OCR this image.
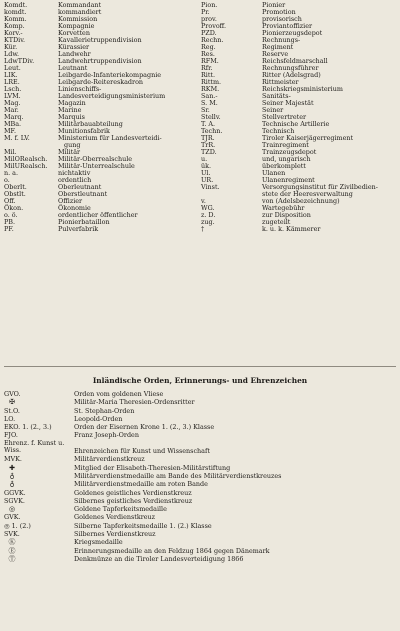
Komdt.	Kommandant
komdt.	kommandiert
Komm.	Kommission
Komp.	Kompagnie
Korv.-	Korvetten
KTDiv.	Kavallerietruppendivision
Kür.	Kürassier
Ldw.	Landwehr
LdwTDiv.	Landwehrtruppendivision
Leut.	Leutnant
LIK.	Leibgarde-Infanteriekompagnie
LRE.	Leibgarde-Reitereskadron
Lsch.	Linienschiffs-
LVM.	Landesverteidigungsministerium
Mag.	Magazin
Mar.	Marine
Marq.	Marquis
MBa.	Militärbauabteilung
MF.	Munitionsfabrik
M. f. LV.	Ministerium für Landesverteidi-
gung
Mil.	Militär
MilORealsch.	Militär-Oberrealschule
MilURealsch.	Militär-Unterrealschule
n. a.	nichtaktiv
o.	ordentlich
Oberlt.	Oberleutnant
Obstlt.	Oberstleutnant
Off.	Offizier
Ökon.	Ökonomie
o. ö.	ordentlicher öffentlicher
PB.	Pionierbataillon
PF.	Pulverfabrik
Pion.	Pionier
Pr.	Promotion
prov.	provisorisch
Provoff.	Proviantoffizier
PZD.	Pionierzeugsdepot
Rechn.	Rechnungs-
Reg.	Regiment
Res.	Reserve
RFM.	Reichsfeldmarschall
Rfr.	Rechnungsführer
Ritt.	Ritter (Adelsgrad)
Rittm.	Rittmeister
RKM.	Reichskriegsministerium
San.-	Sanitäts-
S. M.	Seiner Majestät
Sr.	Seiner
Stellv.	Stellvertreter
T. A.	Technische Artillerie
Techn.	Technisch
TJR.	Tiroler Kaiserjägerregiment
TrR.	Trainregiment
TZD.	Trainzeugsdepot
u.	und, ungarisch
ük.	überkomplett
Ul.	Ulanen
UR.	Ulanenregiment
Vinst.	Versorgungsinstitut für Zivilbedien-
stete der Heeresverwaltung
v.	von (Adelsbezeichnung)
WG.	Wartegebühr
z. D.	zur Disposition
zug.	zugeteilt
†	k. u. k. Kämmerer
Inländische Orden, Erinnerungs- und Ehrenzeichen
GVO.	Orden vom goldenen Vliese
✠	Militär-Maria Theresien-Ordensritter
St.O.	St. Stephan-Orden
LO.	Leopold-Orden
EKO. 1. (2., 3.)	Orden der Eisernen Krone 1. (2., 3.) Klasse
FJO.	Franz Joseph-Orden
Ehrenz. f. Kunst u. Wiss.	Ehrenzeichen für Kunst und Wissenschaft
MVK.	Militärverdienstkreuz
✚	Mitglied der Elisabeth-Theresien-Militärstiftung
♁	Militärverdienstmedaille am Bande des Militärverdienstkreuzes
♁	Militärverdienstmedaille am roten Bande
GGVK.	Goldenes geistliches Verdienstkreuz
SGVK.	Silbernes geistliches Verdienstkreuz
◎	Goldene Tapferkeitsmedaille
GVK.	Goldenes Verdienstkreuz
◎ 1. (2.)	Silberne Tapferkeitsmedaille 1. (2.) Klasse
SVK.	Silbernes Verdienstkreuz
Ⓚ	Kriegsmedaille
Ⓔ	Erinnerungsmedaille an den Feldzug 1864 gegen Dänemark
Ⓣ	Denkmünze an die Tiroler Landesverteidigung 1866
